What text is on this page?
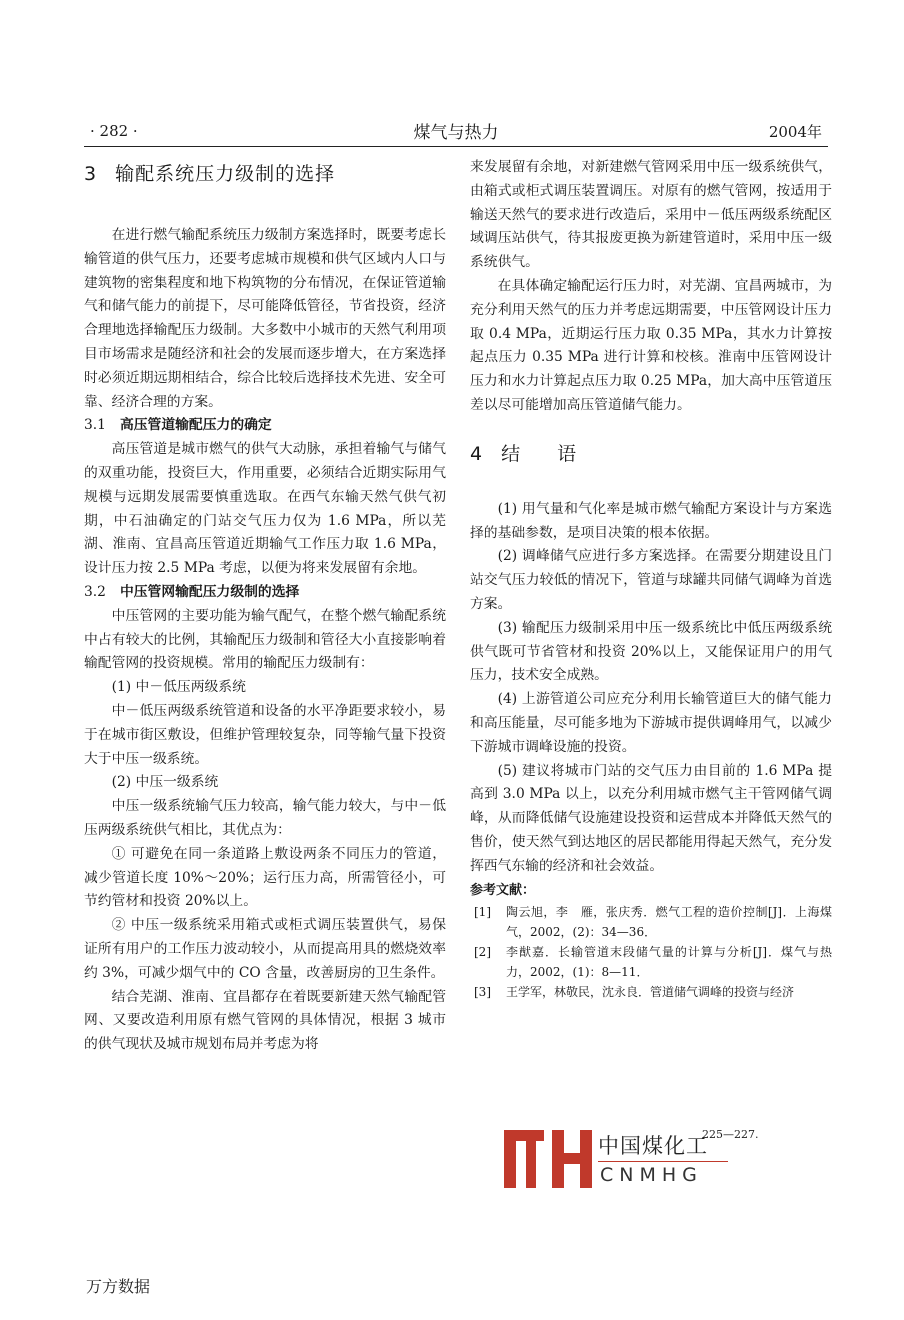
· 282 ·	煤气与热力	2004年
3 输配系统压力级制的选择

在进行燃气输配系统压力级制方案选择时，既要考虑长输管道的供气压力，还要考虑城市规模和供气区域内人口与建筑物的密集程度和地下构筑物的分布情况，在保证管道输气和储气能力的前提下，尽可能降低管径，节省投资，经济合理地选择输配压力级制。大多数中小城市的天然气利用项目市场需求是随经济和社会的发展而逐步增大，在方案选择时必须近期远期相结合，综合比较后选择技术先进、安全可靠、经济合理的方案。

3.1 高压管道输配压力的确定

高压管道是城市燃气的供气大动脉，承担着输气与储气的双重功能，投资巨大，作用重要，必须结合近期实际用气规模与远期发展需要慎重选取。在西气东输天然气供气初期，中石油确定的门站交气压力仅为 1.6 MPa，所以芜湖、淮南、宜昌高压管道近期输气工作压力取 1.6 MPa，设计压力按 2.5 MPa 考虑，以便为将来发展留有余地。

3.2 中压管网输配压力级制的选择

中压管网的主要功能为输气配气，在整个燃气输配系统中占有较大的比例，其输配压力级制和管径大小直接影响着输配管网的投资规模。常用的输配压力级制有：

(1) 中－低压两级系统

中－低压两级系统管道和设备的水平净距要求较小，易于在城市街区敷设，但维护管理较复杂，同等输气量下投资大于中压一级系统。

(2) 中压一级系统

中压一级系统输气压力较高，输气能力较大，与中－低压两级系统供气相比，其优点为：

① 可避免在同一条道路上敷设两条不同压力的管道，减少管道长度 10%～20%；运行压力高，所需管径小，可节约管材和投资 20%以上。

② 中压一级系统采用箱式或柜式调压装置供气，易保证所有用户的工作压力波动较小，从而提高用具的燃烧效率约 3%，可减少烟气中的 CO 含量，改善厨房的卫生条件。

结合芜湖、淮南、宜昌都存在着既要新建天然气输配管网、又要改造利用原有燃气管网的具体情况，根据 3 城市的供气现状及城市规划布局并考虑为将

来发展留有余地，对新建燃气管网采用中压一级系统供气，由箱式或柜式调压装置调压。对原有的燃气管网，按适用于输送天然气的要求进行改造后，采用中－低压两级系统配区域调压站供气，待其报废更换为新建管道时，采用中压一级系统供气。

在具体确定输配运行压力时，对芜湖、宜昌两城市，为充分利用天然气的压力并考虑远期需要，中压管网设计压力取 0.4 MPa，近期运行压力取 0.35 MPa，其水力计算按起点压力 0.35 MPa 进行计算和校核。淮南中压管网设计压力和水力计算起点压力取 0.25 MPa，加大高中压管道压差以尽可能增加高压管道储气能力。

4 结 语

(1) 用气量和气化率是城市燃气输配方案设计与方案选择的基础参数，是项目决策的根本依据。

(2) 调峰储气应进行多方案选择。在需要分期建设且门站交气压力较低的情况下，管道与球罐共同储气调峰为首选方案。

(3) 输配压力级制采用中压一级系统比中低压两级系统供气既可节省管材和投资 20%以上，又能保证用户的用气压力，技术安全成熟。

(4) 上游管道公司应充分利用长输管道巨大的储气能力和高压能量，尽可能多地为下游城市提供调峰用气，以减少下游城市调峰设施的投资。

(5) 建议将城市门站的交气压力由目前的 1.6 MPa 提高到 3.0 MPa 以上，以充分利用城市燃气主干管网储气调峰，从而降低储气设施建设投资和运营成本并降低天然气的售价，使天然气到达地区的居民都能用得起天然气，充分发挥西气东输的经济和社会效益。

参考文献：

[1] 陶云旭，李　雁，张庆秀．燃气工程的造价控制[J]．上海煤气，2002，(2)：34—36．

[2] 李猷嘉．长输管道末段储气量的计算与分析[J]．煤气与热力，2002，(1)：8—11．

[3] 王学军，林敬民，沈永良．管道储气调峰的投资与经济

中国煤化工
225—227.
CNMHG
万方数据
